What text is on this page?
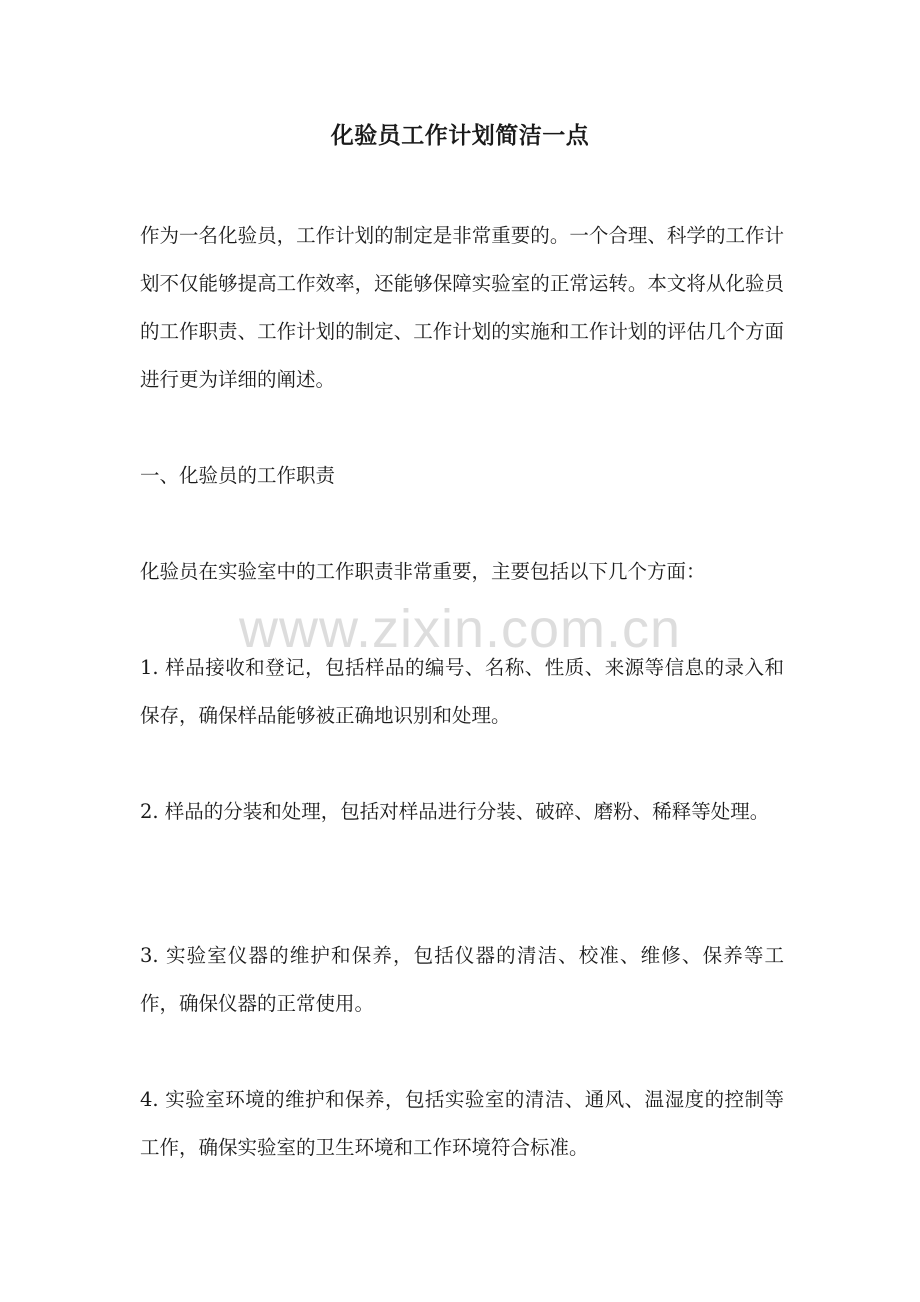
化验员工作计划简洁一点

作为一名化验员，工作计划的制定是非常重要的。一个合理、科学的工作计划不仅能够提高工作效率，还能够保障实验室的正常运转。本文将从化验员的工作职责、工作计划的制定、工作计划的实施和工作计划的评估几个方面进行更为详细的阐述。

一、化验员的工作职责

化验员在实验室中的工作职责非常重要，主要包括以下几个方面：

1. 样品接收和登记，包括样品的编号、名称、性质、来源等信息的录入和保存，确保样品能够被正确地识别和处理。

2. 样品的分装和处理，包括对样品进行分装、破碎、磨粉、稀释等处理。

3. 实验室仪器的维护和保养，包括仪器的清洁、校准、维修、保养等工作，确保仪器的正常使用。

4. 实验室环境的维护和保养，包括实验室的清洁、通风、温湿度的控制等工作，确保实验室的卫生环境和工作环境符合标准。

www.zixin.com.cn
